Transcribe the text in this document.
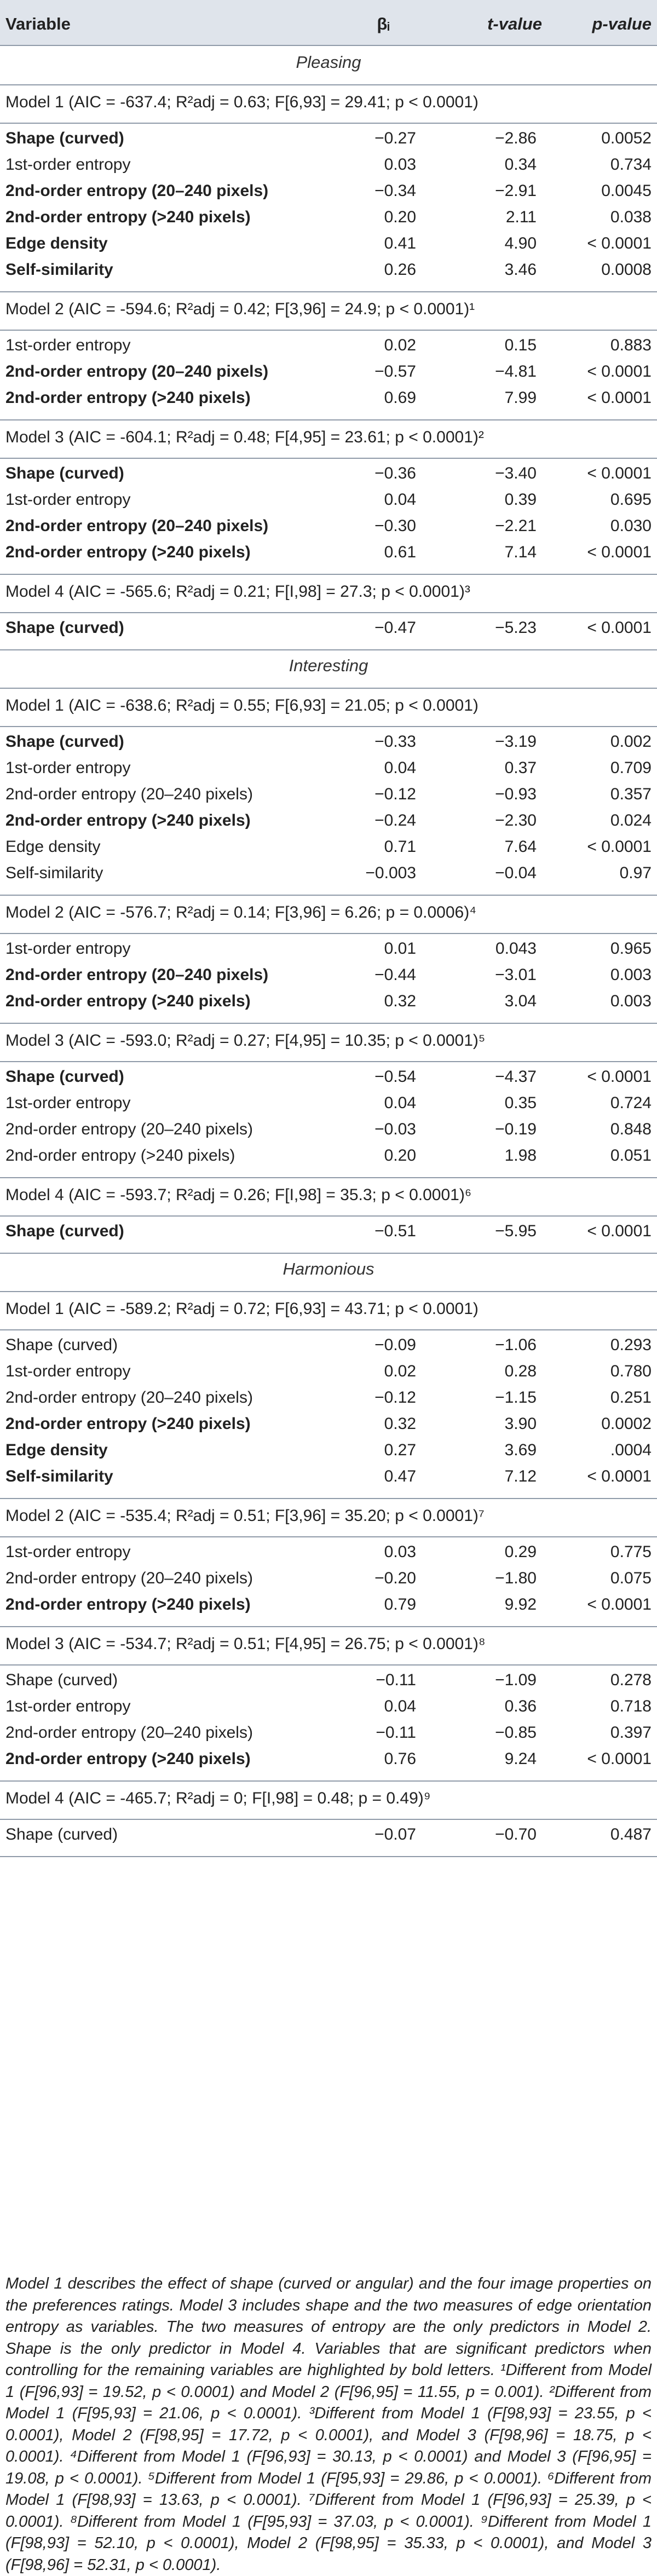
Variable	βᵢ	t-value	p-value
Pleasing
Model 1 (AIC = -637.4; R²adj = 0.63; F[6,93] = 29.41; p < 0.0001)
Shape (curved)	−0.27	−2.86	0.0052
1st-order entropy	0.03	0.34	0.734
2nd-order entropy (20–240 pixels)	−0.34	−2.91	0.0045
2nd-order entropy (>240 pixels)	0.20	2.11	0.038
Edge density	0.41	4.90	< 0.0001
Self-similarity	0.26	3.46	0.0008
Model 2 (AIC = -594.6; R²adj = 0.42; F[3,96] = 24.9; p < 0.0001)¹
1st-order entropy	0.02	0.15	0.883
2nd-order entropy (20–240 pixels)	−0.57	−4.81	< 0.0001
2nd-order entropy (>240 pixels)	0.69	7.99	< 0.0001
Model 3 (AIC = -604.1; R²adj = 0.48; F[4,95] = 23.61; p < 0.0001)²
Shape (curved)	−0.36	−3.40	< 0.0001
1st-order entropy	0.04	0.39	0.695
2nd-order entropy (20–240 pixels)	−0.30	−2.21	0.030
2nd-order entropy (>240 pixels)	0.61	7.14	< 0.0001
Model 4 (AIC = -565.6; R²adj = 0.21; F[I,98] = 27.3; p < 0.0001)³
Shape (curved)	−0.47	−5.23	< 0.0001
Interesting
Model 1 (AIC = -638.6; R²adj = 0.55; F[6,93] = 21.05; p < 0.0001)
Shape (curved)	−0.33	−3.19	0.002
1st-order entropy	0.04	0.37	0.709
2nd-order entropy (20–240 pixels)	−0.12	−0.93	0.357
2nd-order entropy (>240 pixels)	−0.24	−2.30	0.024
Edge density	0.71	7.64	< 0.0001
Self-similarity	−0.003	−0.04	0.97
Model 2 (AIC = -576.7; R²adj = 0.14; F[3,96] = 6.26; p = 0.0006)⁴
1st-order entropy	0.01	0.043	0.965
2nd-order entropy (20–240 pixels)	−0.44	−3.01	0.003
2nd-order entropy (>240 pixels)	0.32	3.04	0.003
Model 3 (AIC = -593.0; R²adj = 0.27; F[4,95] = 10.35; p < 0.0001)⁵
Shape (curved)	−0.54	−4.37	< 0.0001
1st-order entropy	0.04	0.35	0.724
2nd-order entropy (20–240 pixels)	−0.03	−0.19	0.848
2nd-order entropy (>240 pixels)	0.20	1.98	0.051
Model 4 (AIC = -593.7; R²adj = 0.26; F[I,98] = 35.3; p < 0.0001)⁶
Shape (curved)	−0.51	−5.95	< 0.0001
Harmonious
Model 1 (AIC = -589.2; R²adj = 0.72; F[6,93] = 43.71; p < 0.0001)
Shape (curved)	−0.09	−1.06	0.293
1st-order entropy	0.02	0.28	0.780
2nd-order entropy (20–240 pixels)	−0.12	−1.15	0.251
2nd-order entropy (>240 pixels)	0.32	3.90	0.0002
Edge density	0.27	3.69	.0004
Self-similarity	0.47	7.12	< 0.0001
Model 2 (AIC = -535.4; R²adj = 0.51; F[3,96] = 35.20; p < 0.0001)⁷
1st-order entropy	0.03	0.29	0.775
2nd-order entropy (20–240 pixels)	−0.20	−1.80	0.075
2nd-order entropy (>240 pixels)	0.79	9.92	< 0.0001
Model 3 (AIC = -534.7; R²adj = 0.51; F[4,95] = 26.75; p < 0.0001)⁸
Shape (curved)	−0.11	−1.09	0.278
1st-order entropy	0.04	0.36	0.718
2nd-order entropy (20–240 pixels)	−0.11	−0.85	0.397
2nd-order entropy (>240 pixels)	0.76	9.24	< 0.0001
Model 4 (AIC = -465.7; R²adj = 0; F[I,98] = 0.48; p = 0.49)⁹
Shape (curved)	−0.07	−0.70	0.487
Model 1 describes the effect of shape (curved or angular) and the four image properties on the preferences ratings. Model 3 includes shape and the two measures of edge orientation entropy as variables. The two measures of entropy are the only predictors in Model 2. Shape is the only predictor in Model 4. Variables that are significant predictors when controlling for the remaining variables are highlighted by bold letters. ¹Different from Model 1 (F[96,93] = 19.52, p < 0.0001) and Model 2 (F[96,95] = 11.55, p = 0.001). ²Different from Model 1 (F[95,93] = 21.06, p < 0.0001). ³Different from Model 1 (F[98,93] = 23.55, p < 0.0001), Model 2 (F[98,95] = 17.72, p < 0.0001), and Model 3 (F[98,96] = 18.75, p < 0.0001). ⁴Different from Model 1 (F[96,93] = 30.13, p < 0.0001) and Model 3 (F[96,95] = 19.08, p < 0.0001). ⁵Different from Model 1 (F[95,93] = 29.86, p < 0.0001). ⁶Different from Model 1 (F[98,93] = 13.63, p < 0.0001). ⁷Different from Model 1 (F[96,93] = 25.39, p < 0.0001). ⁸Different from Model 1 (F[95,93] = 37.03, p < 0.0001). ⁹Different from Model 1 (F[98,93] = 52.10, p < 0.0001), Model 2 (F[98,95] = 35.33, p < 0.0001), and Model 3 (F[98,96] = 52.31, p < 0.0001).
